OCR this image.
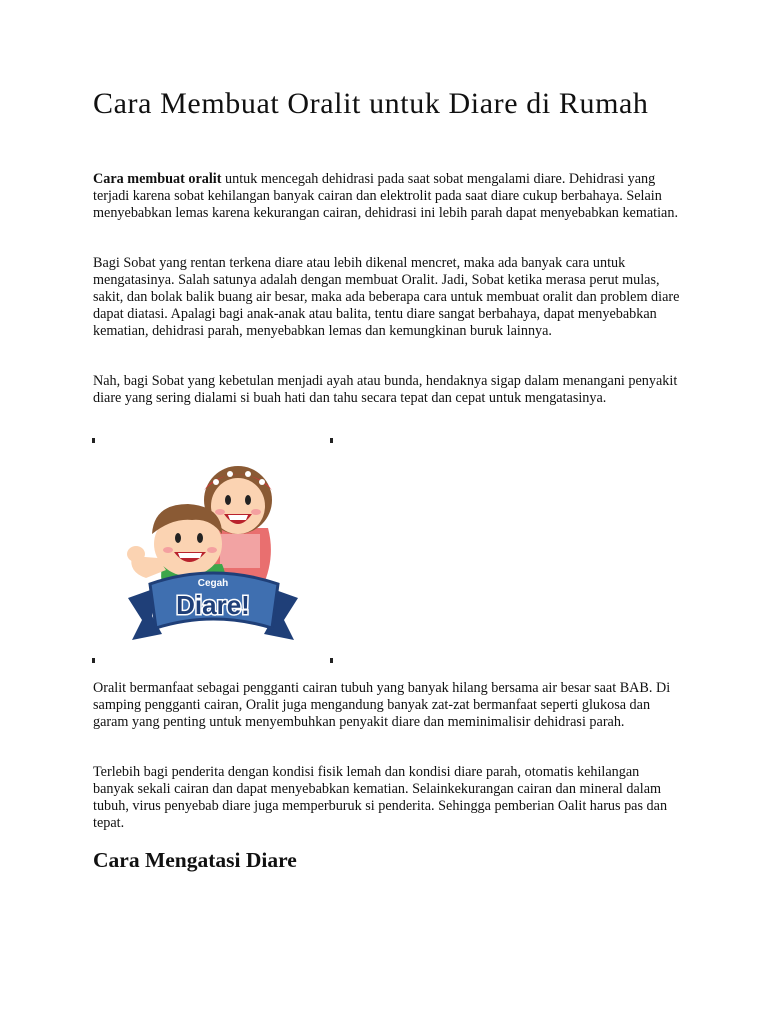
Cara Membuat Oralit untuk Diare di Rumah

Cara membuat oralit untuk mencegah dehidrasi pada saat sobat mengalami diare. Dehidrasi yang terjadi karena sobat kehilangan banyak cairan dan elektrolit pada saat diare cukup berbahaya. Selain menyebabkan lemas karena kekurangan cairan, dehidrasi ini lebih parah dapat menyebabkan kematian.

Bagi Sobat yang rentan terkena diare atau lebih dikenal mencret, maka ada banyak cara untuk mengatasinya. Salah satunya adalah dengan membuat Oralit. Jadi, Sobat ketika merasa perut mulas, sakit, dan bolak balik buang air besar, maka ada beberapa cara untuk membuat oralit dan problem diare dapat diatasi. Apalagi bagi anak-anak atau balita, tentu diare sangat berbahaya, dapat menyebabkan kematian, dehidrasi parah, menyebabkan lemas dan kemungkinan buruk lainnya.

Nah, bagi Sobat yang kebetulan menjadi ayah atau bunda, hendaknya sigap dalam menangani penyakit diare yang sering dialami si buah hati dan tahu secara tepat dan cepat untuk mengatasinya.

Cegah
Diare!

Oralit bermanfaat sebagai pengganti cairan tubuh yang banyak hilang bersama air besar saat BAB. Di samping pengganti cairan, Oralit juga mengandung banyak zat-zat bermanfaat seperti glukosa dan garam yang penting untuk menyembuhkan penyakit diare dan meminimalisir dehidrasi parah.

Terlebih bagi penderita dengan kondisi fisik lemah dan kondisi diare parah, otomatis kehilangan banyak sekali cairan dan dapat menyebabkan kematian. Selainkekurangan cairan dan mineral dalam tubuh, virus penyebab diare juga memperburuk si penderita. Sehingga pemberian Oalit harus pas dan tepat.

Cara Mengatasi Diare
